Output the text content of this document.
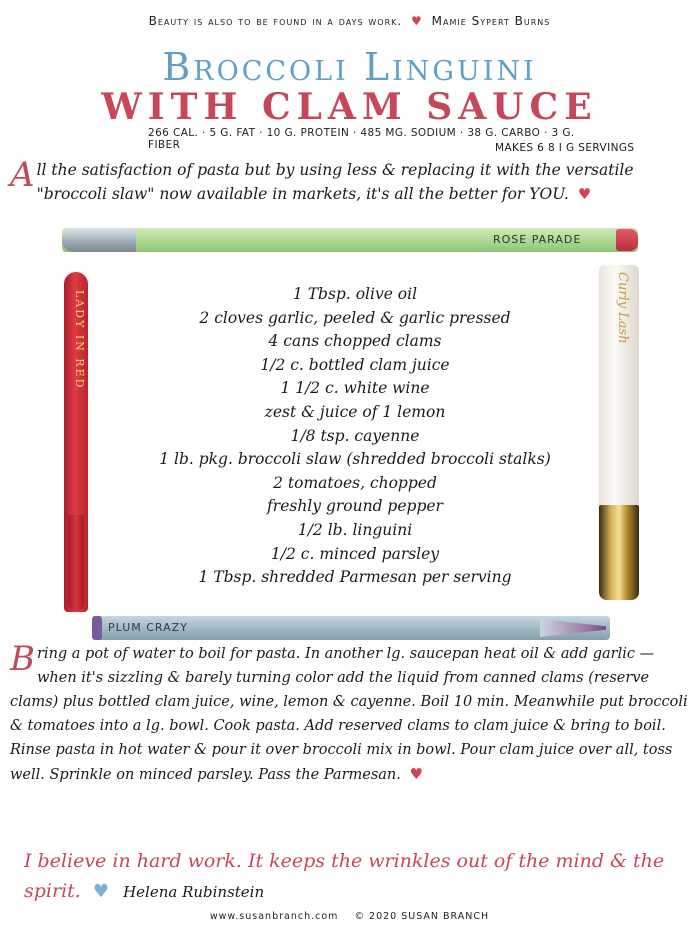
Beauty is also to be found in a days work. ♥ Mamie Sypert Burns
Broccoli Linguini
WITH CLAM SAUCE
266 CAL. · 5 G. FAT · 10 G. PROTEIN · 485 MG. SODIUM · 38 G. CARBO · 3 G. FIBER	MAKES 6 8 I G SERVINGS
All the satisfaction of pasta but by using less & replacing it with the versatile "broccoli slaw" now available in markets, it's all the better for YOU. ♥
ROSE PARADE
LADY IN RED	Curly Lash
PLUM CRAZY
1 Tbsp. olive oil
2 cloves garlic, peeled & garlic pressed
4 cans chopped clams
1/2 c. bottled clam juice
1 1/2 c. white wine
zest & juice of 1 lemon
1/8 tsp. cayenne
1 lb. pkg. broccoli slaw (shredded broccoli stalks)
2 tomatoes, chopped
freshly ground pepper
1/2 lb. linguini
1/2 c. minced parsley
1 Tbsp. shredded Parmesan per serving
Bring a pot of water to boil for pasta. In another lg. saucepan heat oil & add garlic — when it's sizzling & barely turning color add the liquid from canned clams (reserve clams) plus bottled clam juice, wine, lemon & cayenne. Boil 10 min. Meanwhile put broccoli & tomatoes into a lg. bowl. Cook pasta. Add reserved clams to clam juice & bring to boil. Rinse pasta in hot water & pour it over broccoli mix in bowl. Pour clam juice over all, toss well. Sprinkle on minced parsley. Pass the Parmesan. ♥
I believe in hard work. It keeps the wrinkles out of the mind & the spirit. ♥ Helena Rubinstein
www.susanbranch.com © 2020 SUSAN BRANCH
